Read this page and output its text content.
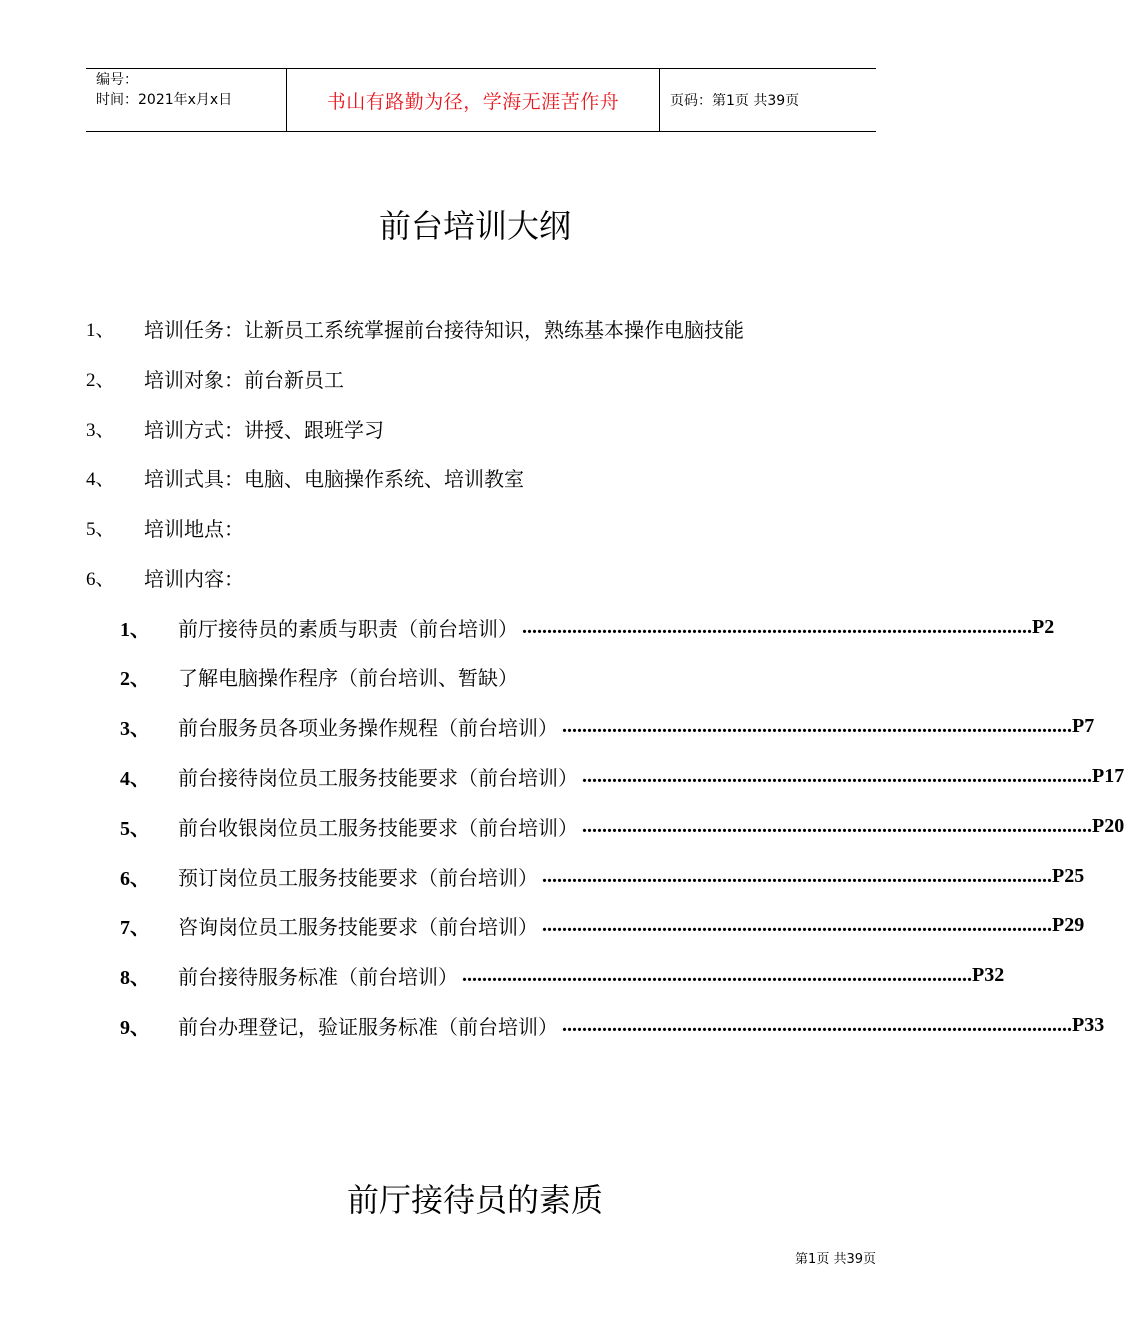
编号：
时间：2021年x月x日	书山有路勤为径，学海无涯苦作舟	页码：第1页 共39页
前台培训大纲
1、	培训任务：让新员工系统掌握前台接待知识，熟练基本操作电脑技能
2、	培训对象：前台新员工
3、	培训方式：讲授、跟班学习
4、	培训式具：电脑、电脑操作系统、培训教室
5、	培训地点：
6、	培训内容：
1、	前厅接待员的素质与职责（前台培训） .................................................................................................... ..P2
2、	了解电脑操作程序（前台培训、暂缺）
3、	前台服务员各项业务操作规程（前台培训） .................................................................................................... ..P7
4、	前台接待岗位员工服务技能要求（前台培训） .................................................................................................... ..P17
5、	前台收银岗位员工服务技能要求（前台培训） .................................................................................................... ..P20
6、	预订岗位员工服务技能要求（前台培训） .................................................................................................... ..P25
7、	咨询岗位员工服务技能要求（前台培训） .................................................................................................... ..P29
8、	前台接待服务标准（前台培训） .................................................................................................... ..P32
9、	前台办理登记，验证服务标准（前台培训） .................................................................................................... ..P33
前厅接待员的素质
第1页 共39页
